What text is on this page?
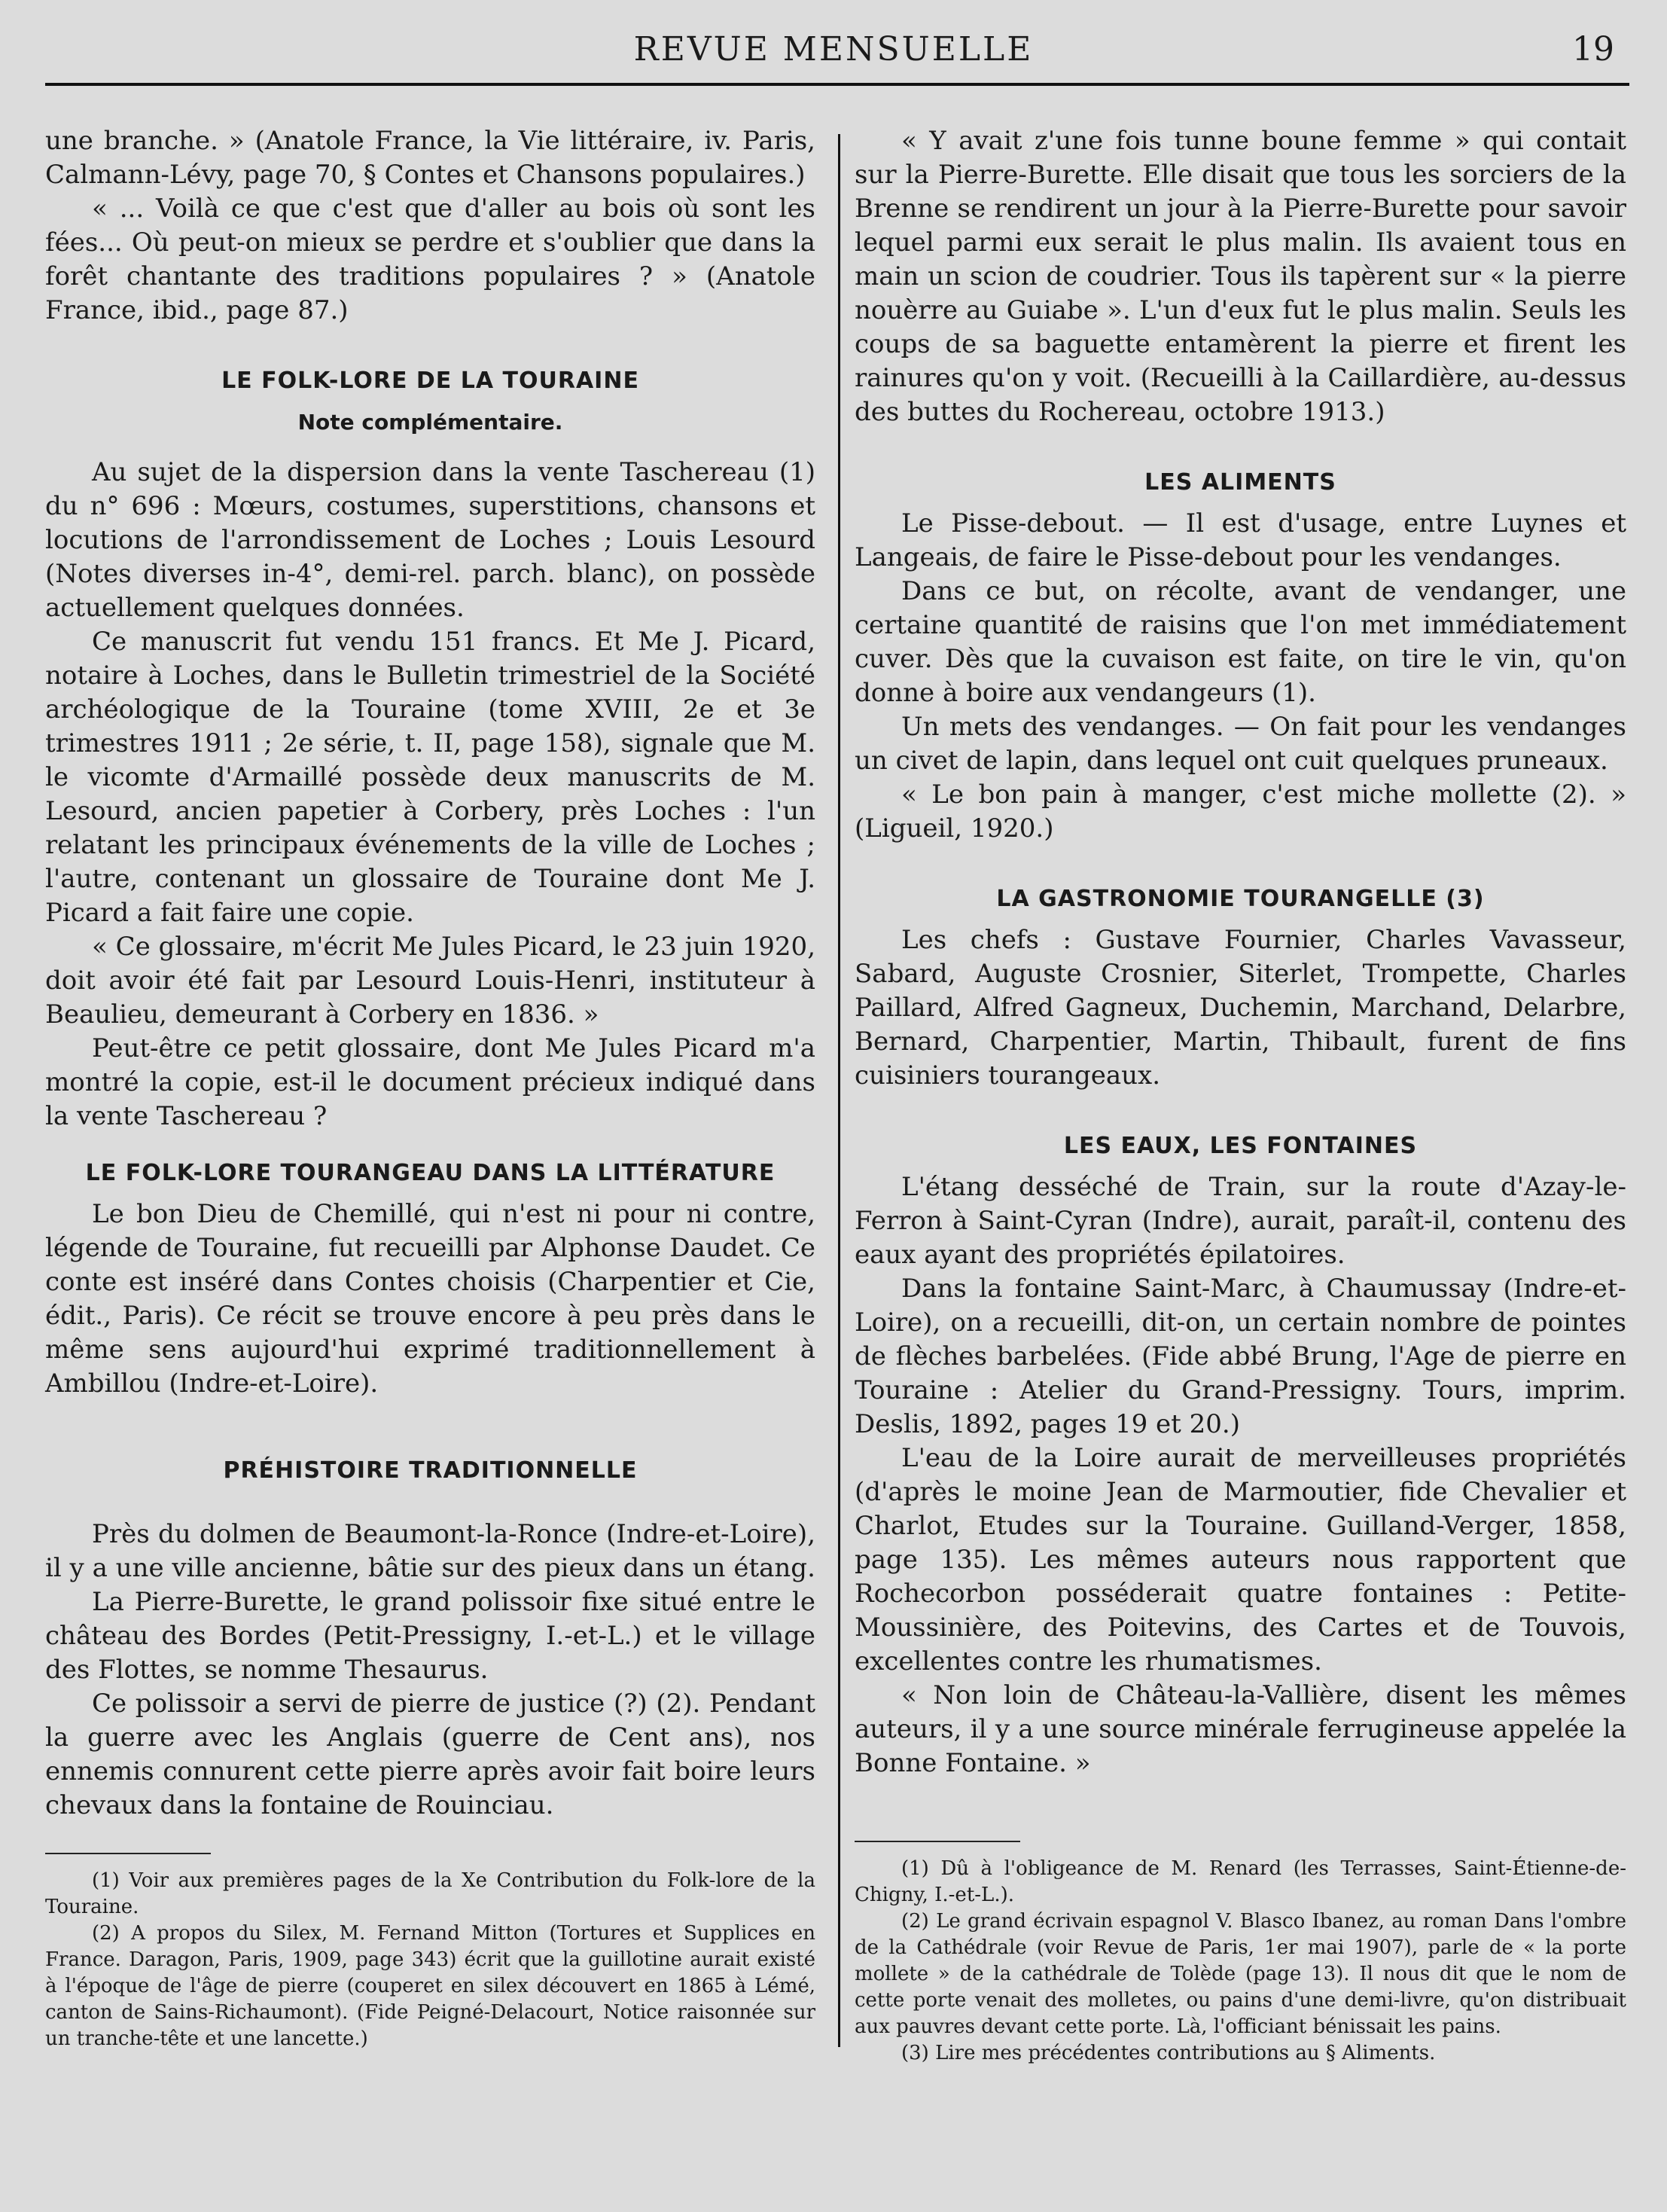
REVUE MENSUELLE	19

une branche. » (Anatole France, la Vie littéraire, iv. Paris, Calmann-Lévy, page 70, § Contes et Chansons populaires.)

« ... Voilà ce que c'est que d'aller au bois où sont les fées... Où peut-on mieux se perdre et s'oublier que dans la forêt chantante des traditions populaires ? » (Anatole France, ibid., page 87.)

LE FOLK-LORE DE LA TOURAINE
Note complémentaire.

Au sujet de la dispersion dans la vente Taschereau (1) du n° 696 : Mœurs, costumes, superstitions, chansons et locutions de l'arrondissement de Loches ; Louis Lesourd (Notes diverses in-4°, demi-rel. parch. blanc), on possède actuellement quelques données.

Ce manuscrit fut vendu 151 francs. Et Me J. Picard, notaire à Loches, dans le Bulletin trimestriel de la Société archéologique de la Touraine (tome XVIII, 2e et 3e trimestres 1911 ; 2e série, t. II, page 158), signale que M. le vicomte d'Armaillé possède deux manuscrits de M. Lesourd, ancien papetier à Corbery, près Loches : l'un relatant les principaux événements de la ville de Loches ; l'autre, contenant un glossaire de Touraine dont Me J. Picard a fait faire une copie.

« Ce glossaire, m'écrit Me Jules Picard, le 23 juin 1920, doit avoir été fait par Lesourd Louis-Henri, instituteur à Beaulieu, demeurant à Corbery en 1836. »

Peut-être ce petit glossaire, dont Me Jules Picard m'a montré la copie, est-il le document précieux indiqué dans la vente Taschereau ?

LE FOLK-LORE TOURANGEAU DANS LA LITTÉRATURE

Le bon Dieu de Chemillé, qui n'est ni pour ni contre, légende de Touraine, fut recueilli par Alphonse Daudet. Ce conte est inséré dans Contes choisis (Charpentier et Cie, édit., Paris). Ce récit se trouve encore à peu près dans le même sens aujourd'hui exprimé traditionnellement à Ambillou (Indre-et-Loire).

PRÉHISTOIRE TRADITIONNELLE

Près du dolmen de Beaumont-la-Ronce (Indre-et-Loire), il y a une ville ancienne, bâtie sur des pieux dans un étang.

La Pierre-Burette, le grand polissoir fixe situé entre le château des Bordes (Petit-Pressigny, I.-et-L.) et le village des Flottes, se nomme Thesaurus.

Ce polissoir a servi de pierre de justice (?) (2). Pendant la guerre avec les Anglais (guerre de Cent ans), nos ennemis connurent cette pierre après avoir fait boire leurs chevaux dans la fontaine de Rouinciau.

(1) Voir aux premières pages de la Xe Contribution du Folk-lore de la Touraine.

(2) A propos du Silex, M. Fernand Mitton (Tortures et Supplices en France. Daragon, Paris, 1909, page 343) écrit que la guillotine aurait existé à l'époque de l'âge de pierre (couperet en silex découvert en 1865 à Lémé, canton de Sains-Richaumont). (Fide Peigné-Delacourt, Notice raisonnée sur un tranche-tête et une lancette.)

« Y avait z'une fois tunne boune femme » qui contait sur la Pierre-Burette. Elle disait que tous les sorciers de la Brenne se rendirent un jour à la Pierre-Burette pour savoir lequel parmi eux serait le plus malin. Ils avaient tous en main un scion de coudrier. Tous ils tapèrent sur « la pierre nouèrre au Guiabe ». L'un d'eux fut le plus malin. Seuls les coups de sa baguette entamèrent la pierre et firent les rainures qu'on y voit. (Recueilli à la Caillardière, au-dessus des buttes du Rochereau, octobre 1913.)

LES ALIMENTS

Le Pisse-debout. — Il est d'usage, entre Luynes et Langeais, de faire le Pisse-debout pour les vendanges.

Dans ce but, on récolte, avant de vendanger, une certaine quantité de raisins que l'on met immédiatement cuver. Dès que la cuvaison est faite, on tire le vin, qu'on donne à boire aux vendangeurs (1).

Un mets des vendanges. — On fait pour les vendanges un civet de lapin, dans lequel ont cuit quelques pruneaux.

« Le bon pain à manger, c'est miche mollette (2). » (Ligueil, 1920.)

LA GASTRONOMIE TOURANGELLE (3)

Les chefs : Gustave Fournier, Charles Vavasseur, Sabard, Auguste Crosnier, Siterlet, Trompette, Charles Paillard, Alfred Gagneux, Duchemin, Marchand, Delarbre, Bernard, Charpentier, Martin, Thibault, furent de fins cuisiniers tourangeaux.

LES EAUX, LES FONTAINES

L'étang desséché de Train, sur la route d'Azay-le-Ferron à Saint-Cyran (Indre), aurait, paraît-il, contenu des eaux ayant des propriétés épilatoires.

Dans la fontaine Saint-Marc, à Chaumussay (Indre-et-Loire), on a recueilli, dit-on, un certain nombre de pointes de flèches barbelées. (Fide abbé Brung, l'Age de pierre en Touraine : Atelier du Grand-Pressigny. Tours, imprim. Deslis, 1892, pages 19 et 20.)

L'eau de la Loire aurait de merveilleuses propriétés (d'après le moine Jean de Marmoutier, fide Chevalier et Charlot, Etudes sur la Touraine. Guilland-Verger, 1858, page 135). Les mêmes auteurs nous rapportent que Rochecorbon posséderait quatre fontaines : Petite-Moussinière, des Poitevins, des Cartes et de Touvois, excellentes contre les rhumatismes.

« Non loin de Château-la-Vallière, disent les mêmes auteurs, il y a une source minérale ferrugineuse appelée la Bonne Fontaine. »

(1) Dû à l'obligeance de M. Renard (les Terrasses, Saint-Étienne-de-Chigny, I.-et-L.).

(2) Le grand écrivain espagnol V. Blasco Ibanez, au roman Dans l'ombre de la Cathédrale (voir Revue de Paris, 1er mai 1907), parle de « la porte mollete » de la cathédrale de Tolède (page 13). Il nous dit que le nom de cette porte venait des molletes, ou pains d'une demi-livre, qu'on distribuait aux pauvres devant cette porte. Là, l'officiant bénissait les pains.

(3) Lire mes précédentes contributions au § Aliments.
